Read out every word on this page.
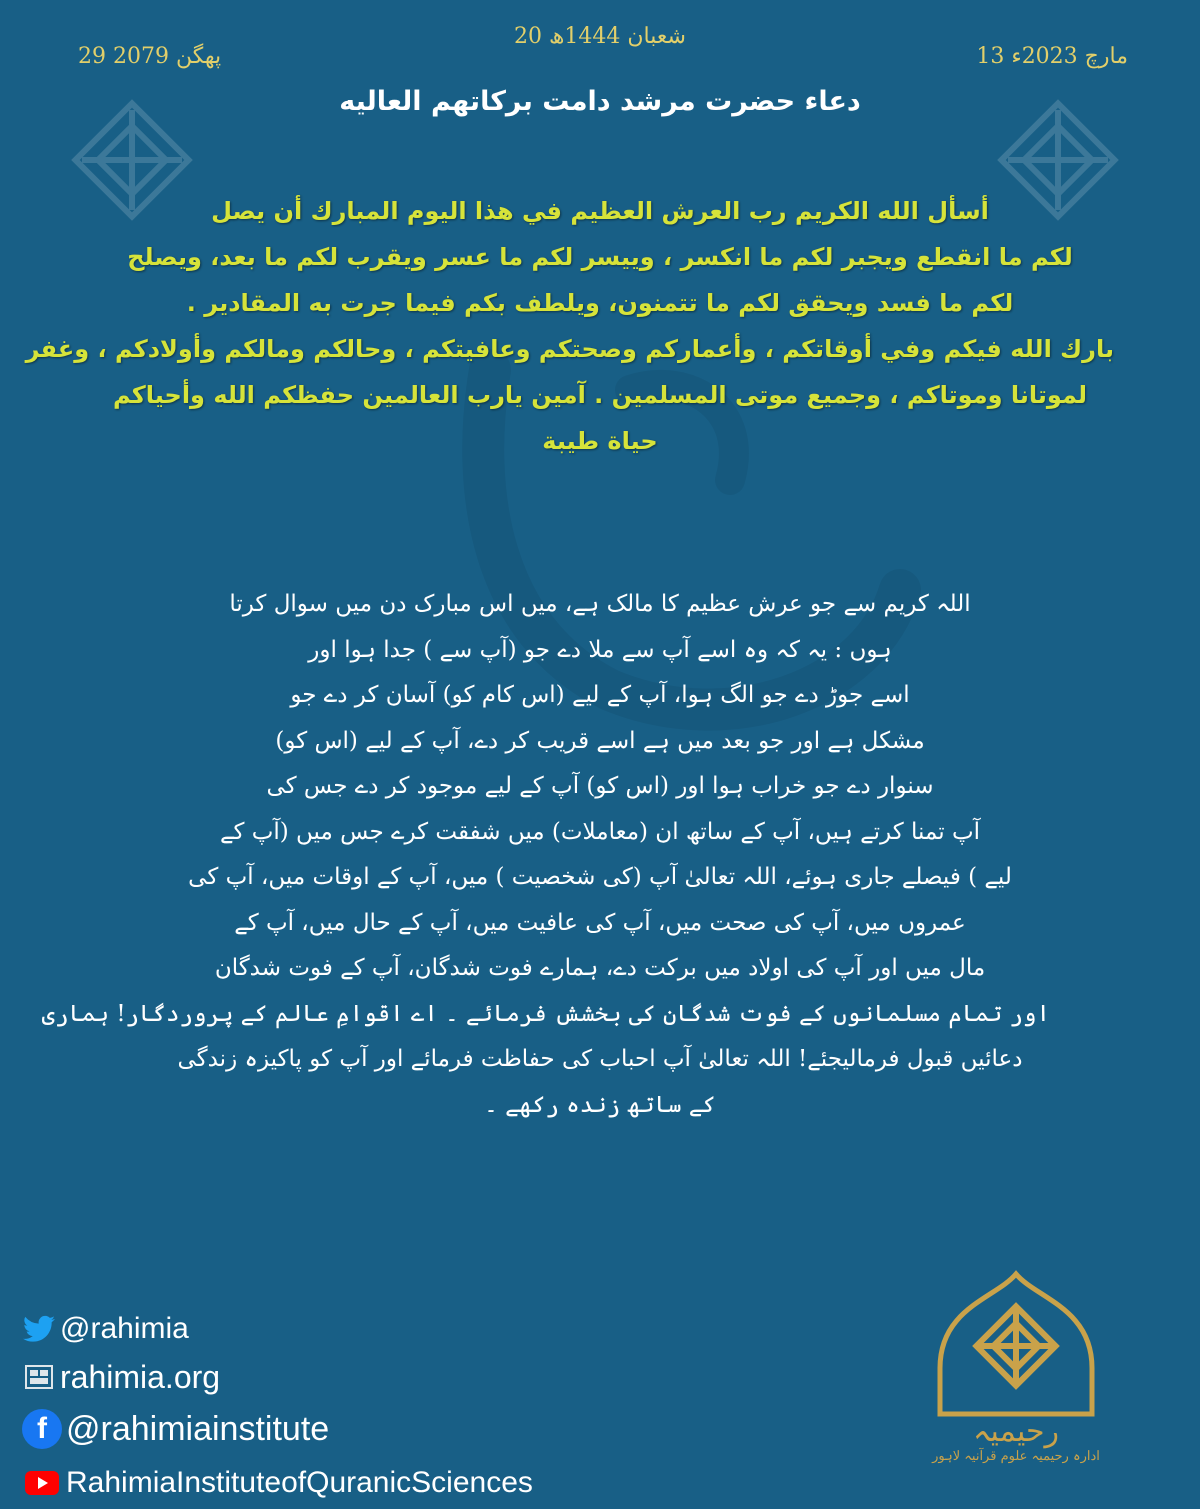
29 پھگن 2079
20 شعبان 1444ھ
13 مارچ 2023ء
دعاء حضرت مرشد دامت بركاتهم العاليه
أسأل الله الكريم رب العرش العظيم في هذا اليوم المبارك أن يصل
لكم ما انقطع ويجبر لكم ما انكسر ، وييسر لكم ما عسر ويقرب لكم ما بعد، ويصلح
لكم ما فسد ويحقق لكم ما تتمنون، ويلطف بكم فيما جرت به المقادير .
بارك الله فيكم وفي أوقاتكم ، وأعماركم وصحتكم وعافيتكم ، وحالكم ومالكم وأولادكم ، وغفر
لموتانا وموتاكم ، وجميع موتى المسلمين . آمين يارب العالمين حفظكم الله وأحياكم
حياة طيبة
اللہ کریم سے جو عرش عظیم کا مالک ہے، میں اس مبارک دن میں سوال کرتا
ہوں : یہ کہ وہ اسے آپ سے ملا دے جو (آپ سے ) جدا ہوا اور
اسے جوڑ دے جو الگ ہوا، آپ کے لیے (اس کام کو) آسان کر دے جو
مشکل ہے اور جو بعد میں ہے اسے قریب کر دے، آپ کے لیے (اس کو)
سنوار دے جو خراب ہوا اور (اس کو) آپ کے لیے موجود کر دے جس کی
آپ تمنا کرتے ہیں، آپ کے ساتھ ان (معاملات) میں شفقت کرے جس میں (آپ کے
لیے ) فیصلے جاری ہوئے، اللہ تعالیٰ آپ (کی شخصیت ) میں، آپ کے اوقات میں، آپ کی
عمروں میں، آپ کی صحت میں، آپ کی عافیت میں، آپ کے حال میں، آپ کے
مال میں اور آپ کی اولاد میں برکت دے، ہمارے فوت شدگان، آپ کے فوت شدگان
اور تمام مسلمانوں کے فوت شدگان کی بخشش فرمائے ۔ اے اقوامِ عالم کے پروردگار! ہماری
دعائیں قبول فرمالیجئے! اللہ تعالیٰ آپ احباب کی حفاظت فرمائے اور آپ کو پاکیزہ زندگی
کے ساتھ زندہ رکھے ۔
@rahimia
rahimia.org
f @rahimiainstitute
RahimiaInstituteofQuranicSciences
رحیمیہ
ادارہ رحیمیہ علوم قرآنیہ لاہور
